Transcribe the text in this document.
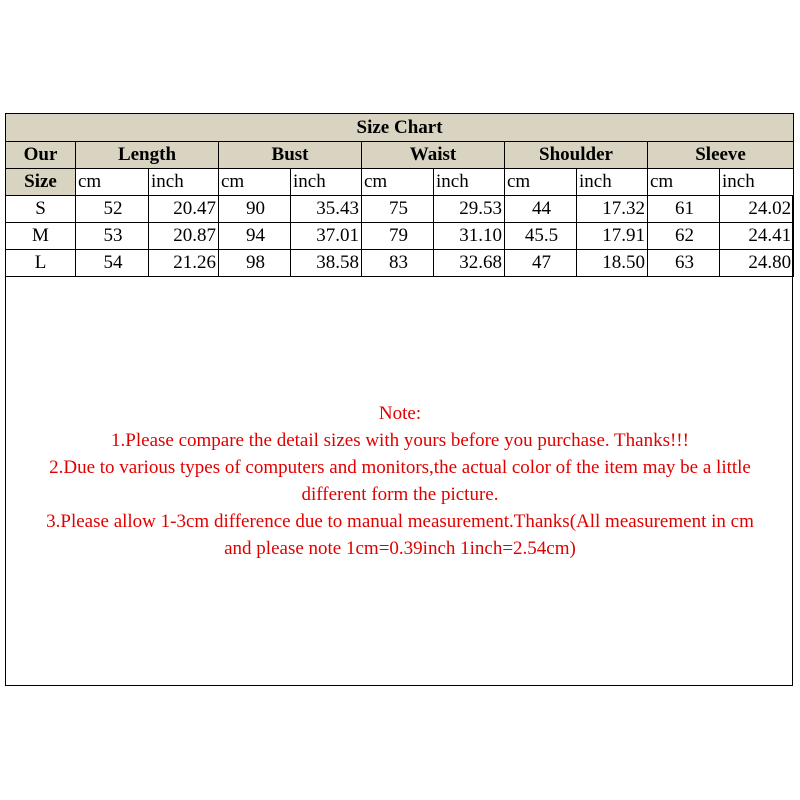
Size Chart										
Our	Length		Bust		Waist		Shoulder		Sleeve	
Size	cm	inch	cm	inch	cm	inch	cm	inch	cm	inch
S	52	20.47	90	35.43	75	29.53	44	17.32	61	24.02
M	53	20.87	94	37.01	79	31.10	45.5	17.91	62	24.41
L	54	21.26	98	38.58	83	32.68	47	18.50	63	24.80
Note:
1.Please compare the detail sizes with yours before you purchase. Thanks!!!
2.Due to various types of computers and monitors,the actual color of the item may be a little
different form the picture.
3.Please allow 1-3cm difference due to manual measurement.Thanks(All measurement in cm
and please note 1cm=0.39inch 1inch=2.54cm)
